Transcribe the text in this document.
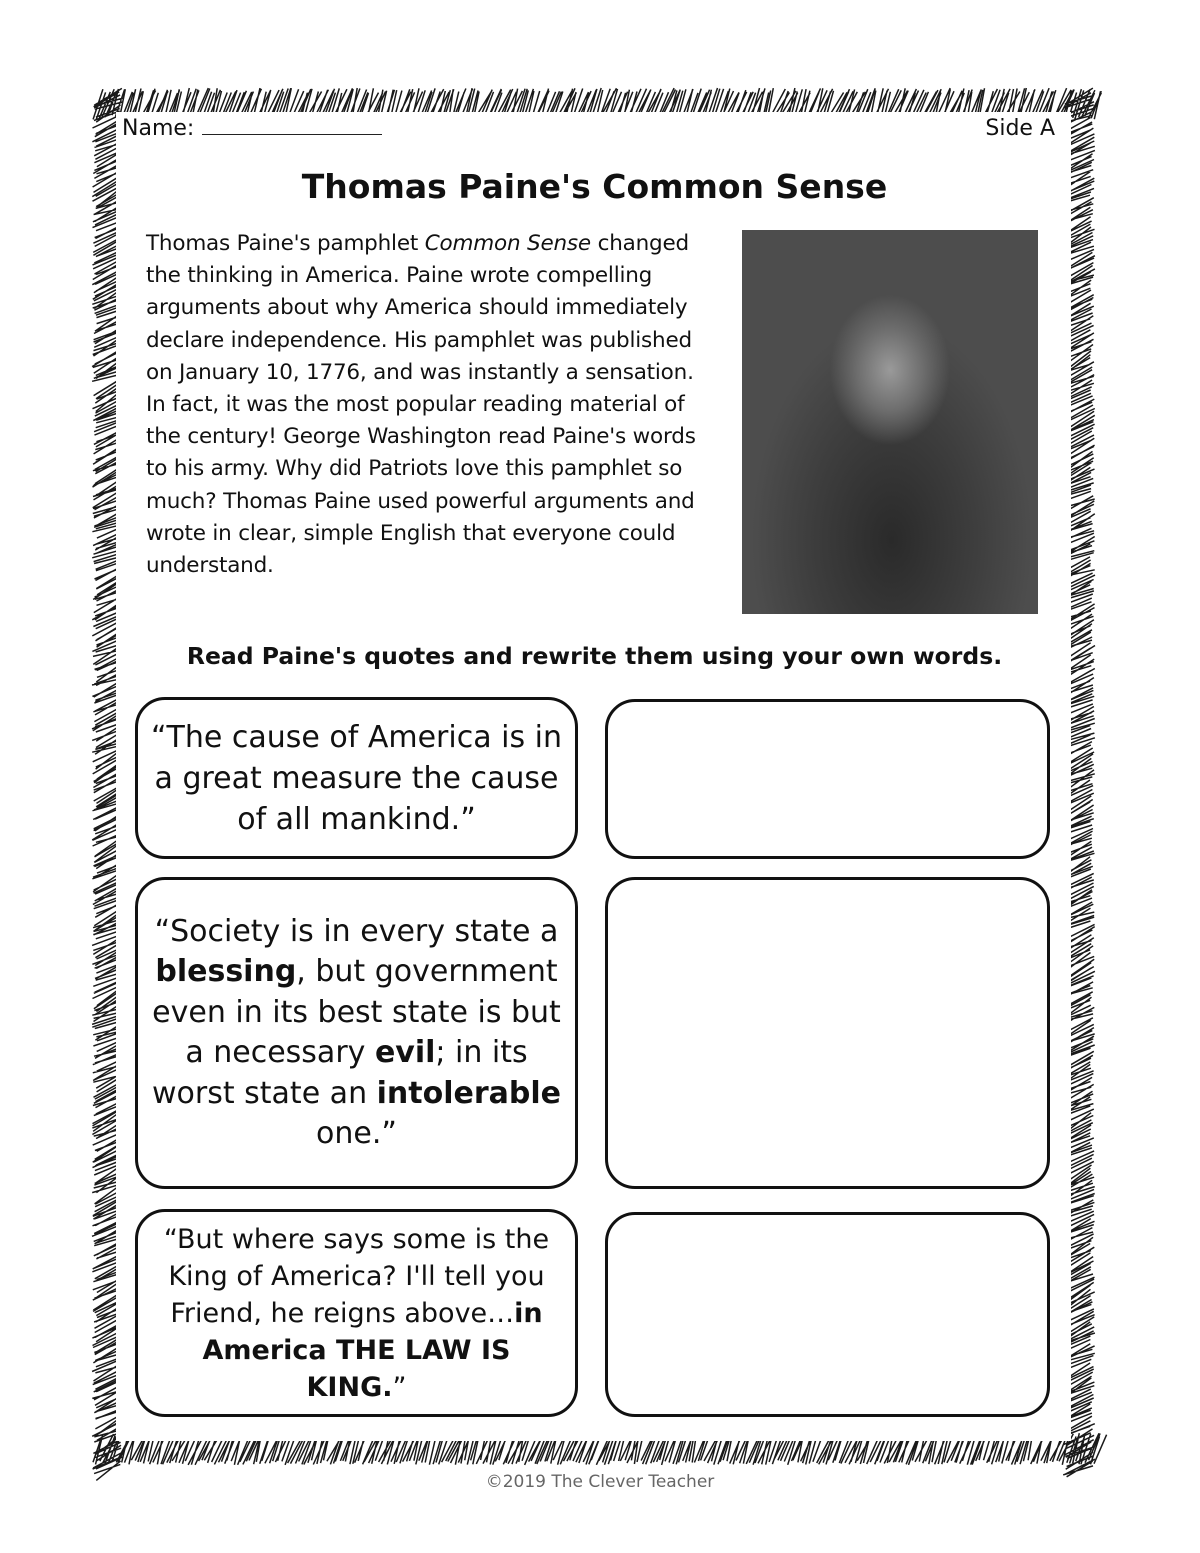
Name:	Side A
Thomas Paine's Common Sense
Thomas Paine's pamphlet Common Sense changed the thinking in America. Paine wrote compelling arguments about why America should immediately declare independence. His pamphlet was published on January 10, 1776, and was instantly a sensation. In fact, it was the most popular reading material of the century! George Washington read Paine's words to his army. Why did Patriots love this pamphlet so much? Thomas Paine used powerful arguments and wrote in clear, simple English that everyone could understand.
Read Paine's quotes and rewrite them using your own words.
“The cause of America is in a great measure the cause of all mankind.”
“Society is in every state a blessing, but government even in its best state is but a necessary evil; in its worst state an intolerable one.”
“But where says some is the King of America? I'll tell you Friend, he reigns above…in America THE LAW IS KING.”
©2019 The Clever Teacher
